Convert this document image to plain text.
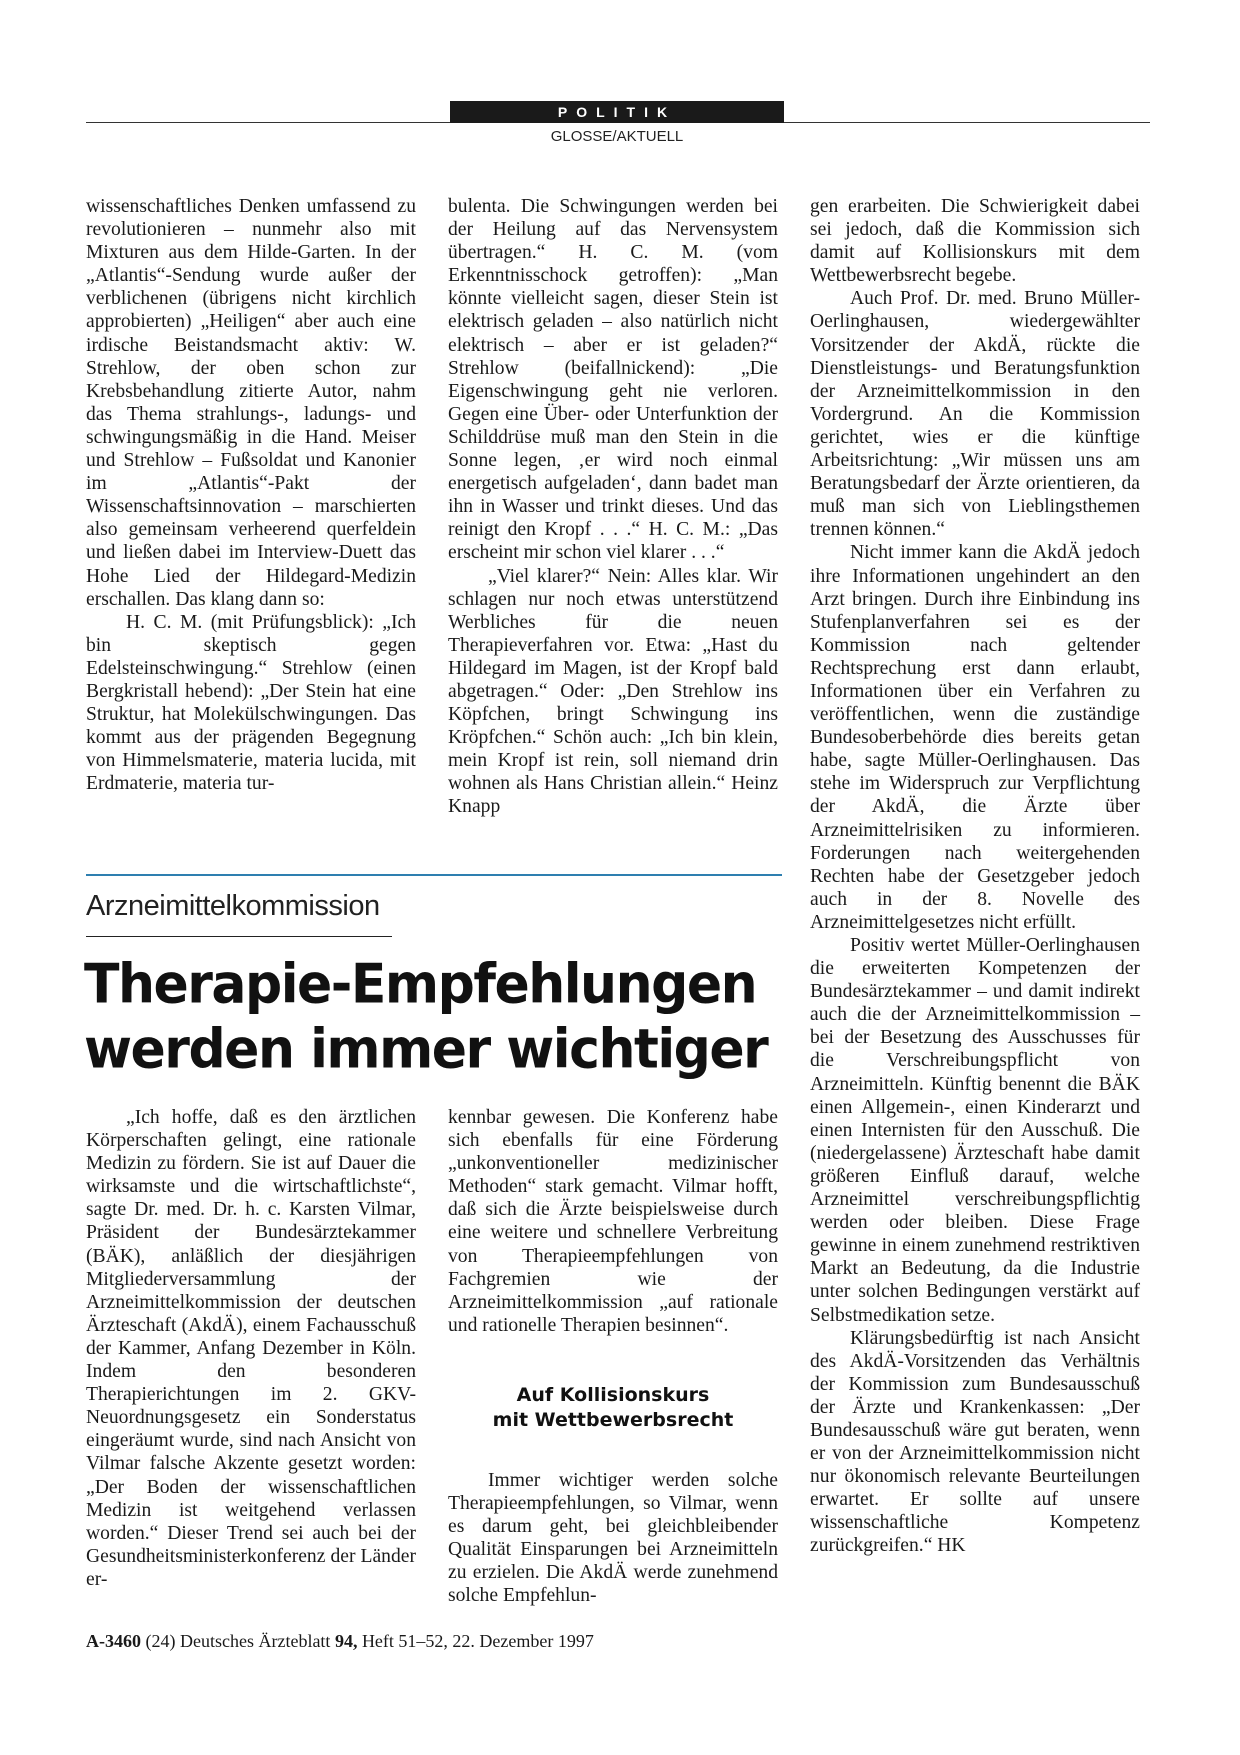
POLITIK
GLOSSE/AKTUELL

wissenschaftliches Denken umfassend zu revolutionieren – nunmehr also mit Mixturen aus dem Hilde-Garten. In der „Atlantis“-Sendung wurde außer der verblichenen (übrigens nicht kirchlich approbierten) „Heiligen“ aber auch eine irdische Beistandsmacht aktiv: W. Strehlow, der oben schon zur Krebsbehandlung zitierte Autor, nahm das Thema strahlungs-, ladungs- und schwingungsmäßig in die Hand. Meiser und Strehlow – Fußsoldat und Kanonier im „Atlantis“-Pakt der Wissenschaftsinnovation – marschierten also gemeinsam verheerend querfeldein und ließen dabei im Interview-Duett das Hohe Lied der Hildegard-Medizin erschallen. Das klang dann so:

H. C. M. (mit Prüfungsblick): „Ich bin skeptisch gegen Edelsteinschwingung.“ Strehlow (einen Bergkristall hebend): „Der Stein hat eine Struktur, hat Molekülschwingungen. Das kommt aus der prägenden Begegnung von Himmelsmaterie, materia lucida, mit Erdmaterie, materia tur-

bulenta. Die Schwingungen werden bei der Heilung auf das Nervensystem übertragen.“ H. C. M. (vom Erkenntnisschock getroffen): „Man könnte vielleicht sagen, dieser Stein ist elektrisch geladen – also natürlich nicht elektrisch – aber er ist geladen?“ Strehlow (beifallnickend): „Die Eigenschwingung geht nie verloren. Gegen eine Über- oder Unterfunktion der Schilddrüse muß man den Stein in die Sonne legen, ‚er wird noch einmal energetisch aufgeladen‘, dann badet man ihn in Wasser und trinkt dieses. Und das reinigt den Kropf . . .“ H. C. M.: „Das erscheint mir schon viel klarer . . .“

„Viel klarer?“ Nein: Alles klar. Wir schlagen nur noch etwas unterstützend Werbliches für die neuen Therapieverfahren vor. Etwa: „Hast du Hildegard im Magen, ist der Kropf bald abgetragen.“ Oder: „Den Strehlow ins Köpfchen, bringt Schwingung ins Kröpfchen.“ Schön auch: „Ich bin klein, mein Kropf ist rein, soll niemand drin wohnen als Hans Christian allein.“ Heinz Knapp

Arzneimittelkommission
Therapie-Empfehlungen
werden immer wichtiger

„Ich hoffe, daß es den ärztlichen Körperschaften gelingt, eine rationale Medizin zu fördern. Sie ist auf Dauer die wirksamste und die wirtschaftlichste“, sagte Dr. med. Dr. h. c. Karsten Vilmar, Präsident der Bundesärztekammer (BÄK), anläßlich der diesjährigen Mitgliederversammlung der Arzneimittelkommission der deutschen Ärzteschaft (AkdÄ), einem Fachausschuß der Kammer, Anfang Dezember in Köln. Indem den besonderen Therapierichtungen im 2. GKV-Neuordnungsgesetz ein Sonderstatus eingeräumt wurde, sind nach Ansicht von Vilmar falsche Akzente gesetzt worden: „Der Boden der wissenschaftlichen Medizin ist weitgehend verlassen worden.“ Dieser Trend sei auch bei der Gesundheitsministerkonferenz der Länder er-

kennbar gewesen. Die Konferenz habe sich ebenfalls für eine Förderung „unkonventioneller medizinischer Methoden“ stark gemacht. Vilmar hofft, daß sich die Ärzte beispielsweise durch eine weitere und schnellere Verbreitung von Therapieempfehlungen von Fachgremien wie der Arzneimittelkommission „auf rationale und rationelle Therapien besinnen“.

Auf Kollisionskurs
mit Wettbewerbsrecht

Immer wichtiger werden solche Therapieempfehlungen, so Vilmar, wenn es darum geht, bei gleichbleibender Qualität Einsparungen bei Arzneimitteln zu erzielen. Die AkdÄ werde zunehmend solche Empfehlun-

gen erarbeiten. Die Schwierigkeit dabei sei jedoch, daß die Kommission sich damit auf Kollisionskurs mit dem Wettbewerbsrecht begebe.

Auch Prof. Dr. med. Bruno Müller-Oerlinghausen, wiedergewählter Vorsitzender der AkdÄ, rückte die Dienstleistungs- und Beratungsfunktion der Arzneimittelkommission in den Vordergrund. An die Kommission gerichtet, wies er die künftige Arbeitsrichtung: „Wir müssen uns am Beratungsbedarf der Ärzte orientieren, da muß man sich von Lieblingsthemen trennen können.“

Nicht immer kann die AkdÄ jedoch ihre Informationen ungehindert an den Arzt bringen. Durch ihre Einbindung ins Stufenplanverfahren sei es der Kommission nach geltender Rechtsprechung erst dann erlaubt, Informationen über ein Verfahren zu veröffentlichen, wenn die zuständige Bundesoberbehörde dies bereits getan habe, sagte Müller-Oerlinghausen. Das stehe im Widerspruch zur Verpflichtung der AkdÄ, die Ärzte über Arzneimittelrisiken zu informieren. Forderungen nach weitergehenden Rechten habe der Gesetzgeber jedoch auch in der 8. Novelle des Arzneimittelgesetzes nicht erfüllt.

Positiv wertet Müller-Oerlinghausen die erweiterten Kompetenzen der Bundesärztekammer – und damit indirekt auch die der Arzneimittelkommission – bei der Besetzung des Ausschusses für die Verschreibungspflicht von Arzneimitteln. Künftig benennt die BÄK einen Allgemein-, einen Kinderarzt und einen Internisten für den Ausschuß. Die (niedergelassene) Ärzteschaft habe damit größeren Einfluß darauf, welche Arzneimittel verschreibungspflichtig werden oder bleiben. Diese Frage gewinne in einem zunehmend restriktiven Markt an Bedeutung, da die Industrie unter solchen Bedingungen verstärkt auf Selbstmedikation setze.

Klärungsbedürftig ist nach Ansicht des AkdÄ-Vorsitzenden das Verhältnis der Kommission zum Bundesausschuß der Ärzte und Krankenkassen: „Der Bundesausschuß wäre gut beraten, wenn er von der Arzneimittelkommission nicht nur ökonomisch relevante Beurteilungen erwartet. Er sollte auf unsere wissenschaftliche Kompetenz zurückgreifen.“ HK

A-3460 (24) Deutsches Ärzteblatt 94, Heft 51–52, 22. Dezember 1997
